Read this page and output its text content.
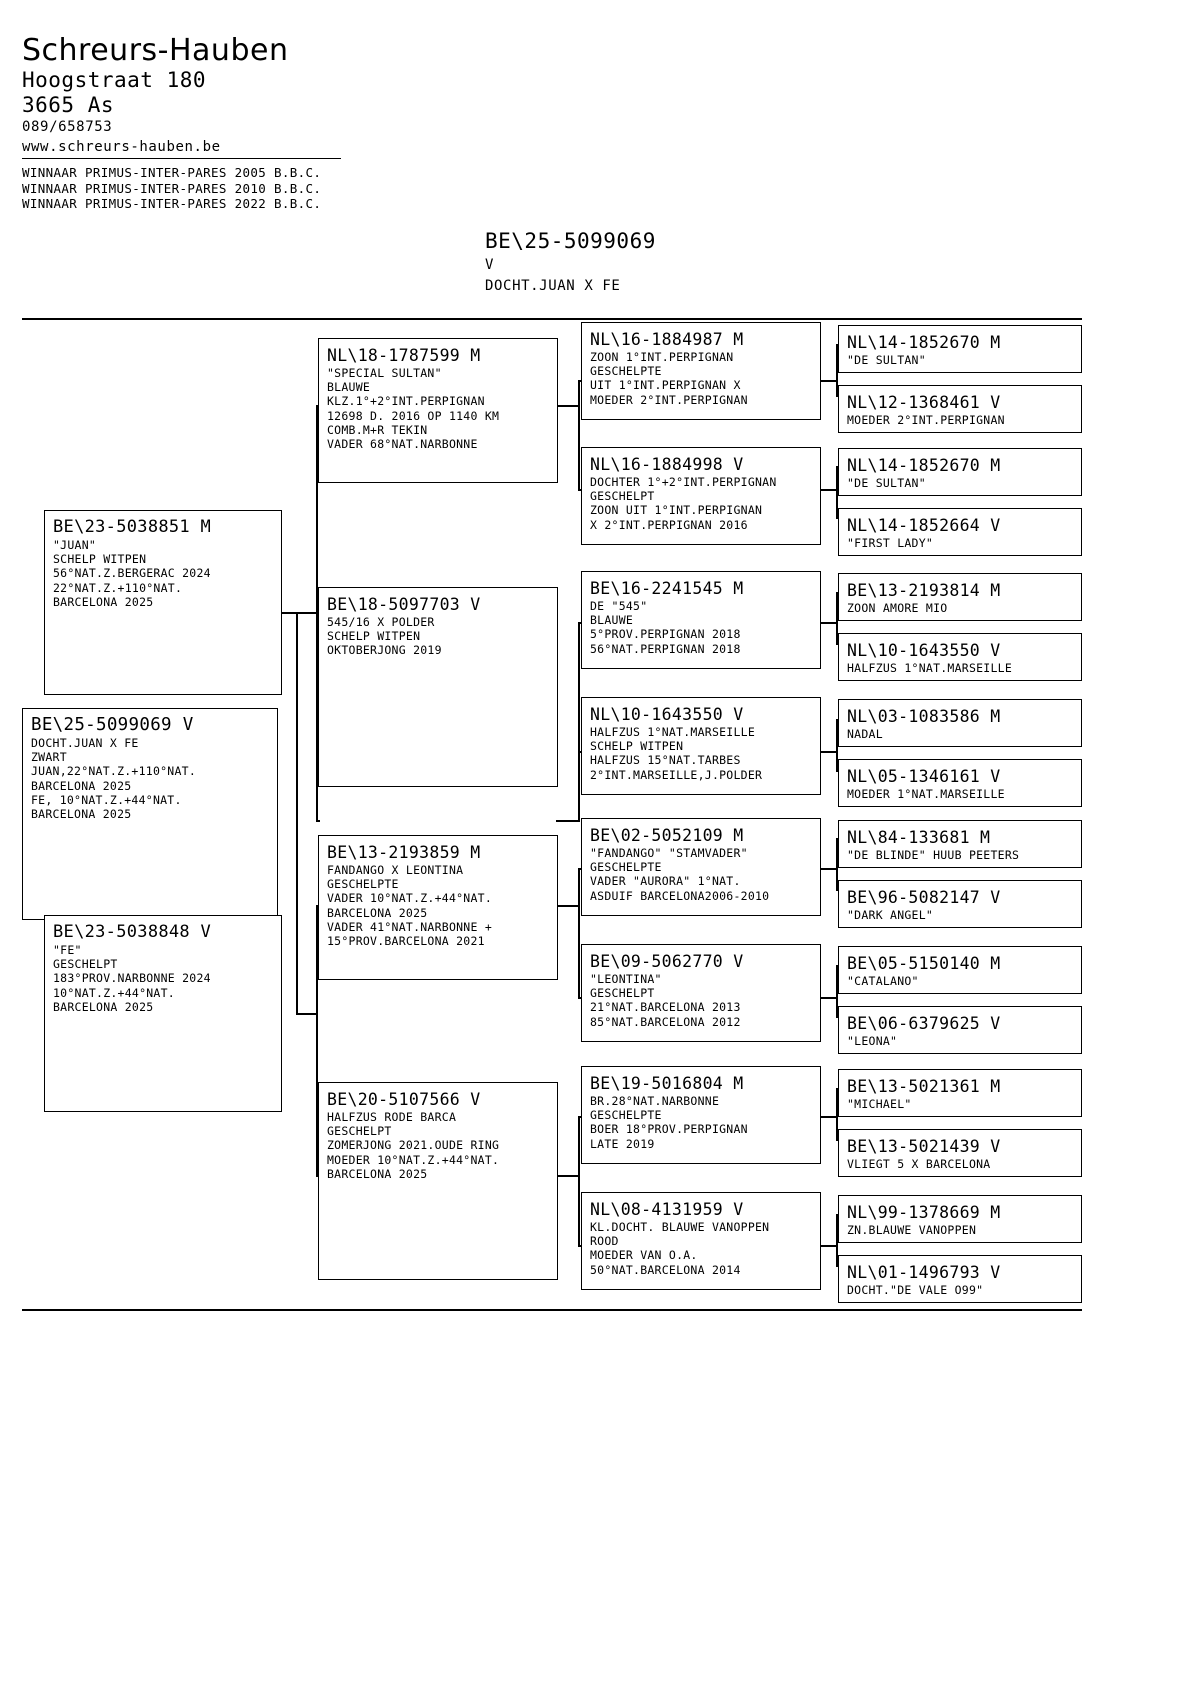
Schreurs-Hauben
Hoogstraat 180
3665 As
089/658753
www.schreurs-hauben.be
WINNAAR PRIMUS-INTER-PARES 2005 B.B.C.
WINNAAR PRIMUS-INTER-PARES 2010 B.B.C.
WINNAAR PRIMUS-INTER-PARES 2022 B.B.C.
BE\25-5099069
V
DOCHT.JUAN X FE
BE\25-5099069 V
DOCHT.JUAN X FE
ZWART
JUAN,22°NAT.Z.+110°NAT.
BARCELONA 2025
FE, 10°NAT.Z.+44°NAT.
BARCELONA 2025
BE\23-5038851 M
"JUAN"
SCHELP WITPEN
56°NAT.Z.BERGERAC 2024
22°NAT.Z.+110°NAT.
BARCELONA 2025
BE\23-5038848 V
"FE"
GESCHELPT
183°PROV.NARBONNE 2024
10°NAT.Z.+44°NAT.
BARCELONA 2025
NL\18-1787599 M
"SPECIAL SULTAN"
BLAUWE
KLZ.1°+2°INT.PERPIGNAN
12698 D. 2016 OP 1140 KM
COMB.M+R TEKIN
VADER 68°NAT.NARBONNE
BE\18-5097703 V
545/16 X POLDER
SCHELP WITPEN
OKTOBERJONG 2019
BE\13-2193859 M
FANDANGO X LEONTINA
GESCHELPTE
VADER 10°NAT.Z.+44°NAT.
BARCELONA 2025
VADER 41°NAT.NARBONNE +
15°PROV.BARCELONA 2021
BE\20-5107566 V
HALFZUS RODE BARCA
GESCHELPT
ZOMERJONG 2021.OUDE RING
MOEDER 10°NAT.Z.+44°NAT.
BARCELONA 2025
NL\16-1884987 M
ZOON 1°INT.PERPIGNAN
GESCHELPTE
UIT 1°INT.PERPIGNAN X
MOEDER 2°INT.PERPIGNAN
NL\16-1884998 V
DOCHTER 1°+2°INT.PERPIGNAN
GESCHELPT
ZOON UIT 1°INT.PERPIGNAN
X 2°INT.PERPIGNAN 2016
BE\16-2241545 M
DE "545"
BLAUWE
5°PROV.PERPIGNAN 2018
56°NAT.PERPIGNAN 2018
NL\10-1643550 V
HALFZUS 1°NAT.MARSEILLE
SCHELP WITPEN
HALFZUS 15°NAT.TARBES
2°INT.MARSEILLE,J.POLDER
BE\02-5052109 M
"FANDANGO" "STAMVADER"
GESCHELPTE
VADER "AURORA" 1°NAT.
ASDUIF BARCELONA2006-2010
BE\09-5062770 V
"LEONTINA"
GESCHELPT
21°NAT.BARCELONA 2013
85°NAT.BARCELONA 2012
BE\19-5016804 M
BR.28°NAT.NARBONNE
GESCHELPTE
BOER 18°PROV.PERPIGNAN
LATE 2019
NL\08-4131959 V
KL.DOCHT. BLAUWE VANOPPEN
ROOD
MOEDER VAN O.A.
50°NAT.BARCELONA 2014
NL\14-1852670 M
"DE SULTAN"
NL\12-1368461 V
MOEDER 2°INT.PERPIGNAN
NL\14-1852670 M
"DE SULTAN"
NL\14-1852664 V
"FIRST LADY"
BE\13-2193814 M
ZOON AMORE MIO
NL\10-1643550 V
HALFZUS 1°NAT.MARSEILLE
NL\03-1083586 M
NADAL
NL\05-1346161 V
MOEDER 1°NAT.MARSEILLE
NL\84-133681 M
"DE BLINDE" HUUB PEETERS
BE\96-5082147 V
"DARK ANGEL"
BE\05-5150140 M
"CATALANO"
BE\06-6379625 V
"LEONA"
BE\13-5021361 M
"MICHAEL"
BE\13-5021439 V
VLIEGT 5 X BARCELONA
NL\99-1378669 M
ZN.BLAUWE VANOPPEN
NL\01-1496793 V
DOCHT."DE VALE O99"
